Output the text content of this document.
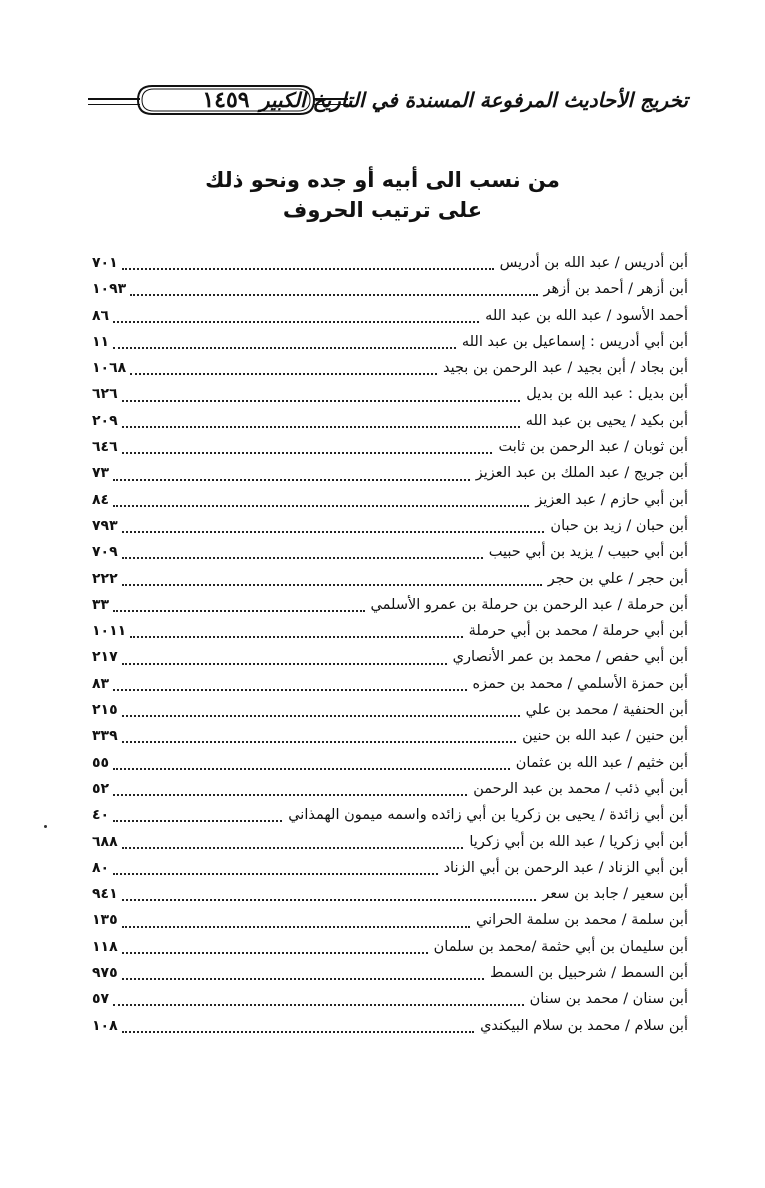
١٤٥٩ تخريج الأحاديث المرفوعة المسندة في التاريخ الكبير
من نسب الى أبيه أو جده ونحو ذلك
على ترتيب الحروف
أبن أدريس / عبد الله بن أدريس
٧٠١
أبن أزهر / أحمد بن أزهر
١٠٩٣
أحمد الأسود / عبد الله بن عبد الله
٨٦
أبن أبي أدريس : إسماعيل بن عبد الله
١١
أبن بجاد / أبن بجيد / عبد الرحمن بن بجيد
١٠٦٨
أبن بديل : عبد الله بن بديل
٦٢٦
أبن بكيد / يحيى بن عبد الله
٢٠٩
أبن ثوبان / عبد الرحمن بن ثابت
٦٤٦
أبن جريج / عبد الملك بن عبد العزيز
٧٣
أبن أبي حازم / عبد العزيز
٨٤
أبن حبان / زيد بن حبان
٧٩٣
أبن أبي حبيب / يزيد بن أبي حبيب
٧٠٩
أبن حجر / علي بن حجر
٢٢٢
أبن حرملة / عبد الرحمن بن حرملة بن عمرو الأسلمي
٣٣
أبن أبي حرملة / محمد بن أبي حرملة
١٠١١
أبن أبي حفص / محمد بن عمر الأنصاري
٢١٧
أبن حمزة الأسلمي / محمد بن حمزه
٨٣
أبن الحنفية / محمد بن علي
٢١٥
أبن حنين / عبد الله بن حنين
٣٣٩
أبن خثيم / عبد الله بن عثمان
٥٥
أبن أبي ذئب / محمد بن عبد الرحمن
٥٢
أبن أبي زائدة / يحيى بن زكريا بن أبي زائده واسمه ميمون الهمذاني
٤٠
أبن أبي زكريا / عبد الله بن أبي زكريا
٦٨٨
أبن أبي الزناد / عبد الرحمن بن أبي الزناد
٨٠
أبن سعير / جابد بن سعر
٩٤١
أبن سلمة / محمد بن سلمة الحراني
١٣٥
أبن سليمان بن أبي حثمة /محمد بن سلمان
١١٨
أبن السمط / شرحبيل بن السمط
٩٧٥
أبن سنان / محمد بن سنان
٥٧
أبن سلام / محمد بن سلام البيكندي
١٠٨
